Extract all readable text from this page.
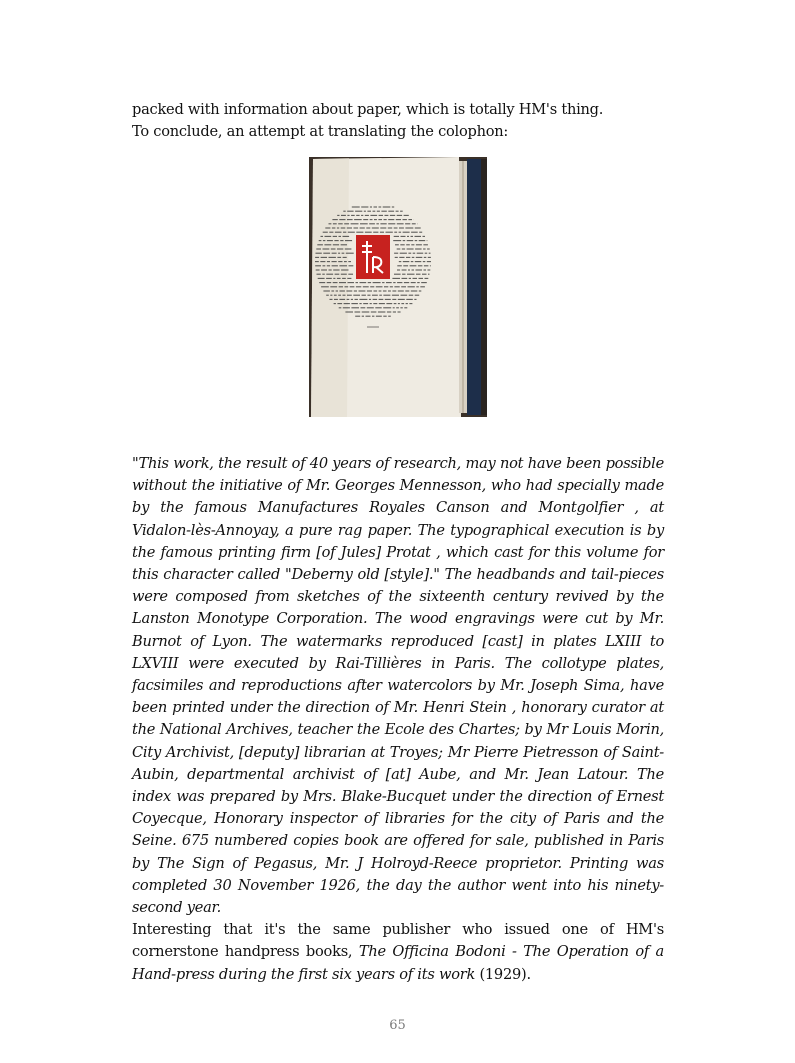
packed with information about paper, which is totally HM's thing.

To conclude, an attempt at translating the colophon:

"This work, the result of 40 years of research, may not have been possible without the initiative of Mr. Georges Mennesson, who had specially made by the famous Manufactures Royales Canson and Montgolfier , at Vidalon-lès-Annoyay, a pure rag paper. The typographical execution is by the famous printing firm [of Jules] Protat , which cast for this volume for this character called "Deberny old [style]." The headbands and tail-pieces were composed from sketches of the sixteenth century revived by the Lanston Monotype Corporation. The wood engravings were cut by Mr. Burnot of Lyon. The watermarks reproduced [cast] in plates LXIII to LXVIII were executed by Rai-Tillières in Paris. The collotype plates, facsimiles and reproductions after watercolors by Mr. Joseph Sima, have been printed under the direction of Mr. Henri Stein , honorary curator at the National Archives, teacher the Ecole des Chartes; by Mr Louis Morin, City Archivist, [deputy] librarian at Troyes; Mr Pierre Pietresson of Saint-Aubin, departmental archivist of [at] Aube, and Mr. Jean Latour. The index was prepared by Mrs. Blake-Bucquet under the direction of Ernest Coyecque, Honorary inspector of libraries for the city of Paris and the Seine. 675 numbered copies book are offered for sale, published in Paris by The Sign of Pegasus, Mr. J Holroyd-Reece proprietor. Printing was completed 30 November 1926, the day the author went into his ninety-second year.

Interesting that it's the same publisher who issued one of HM's cornerstone handpress books, The Officina Bodoni - The Operation of a Hand-press during the first six years of its work (1929).

65
